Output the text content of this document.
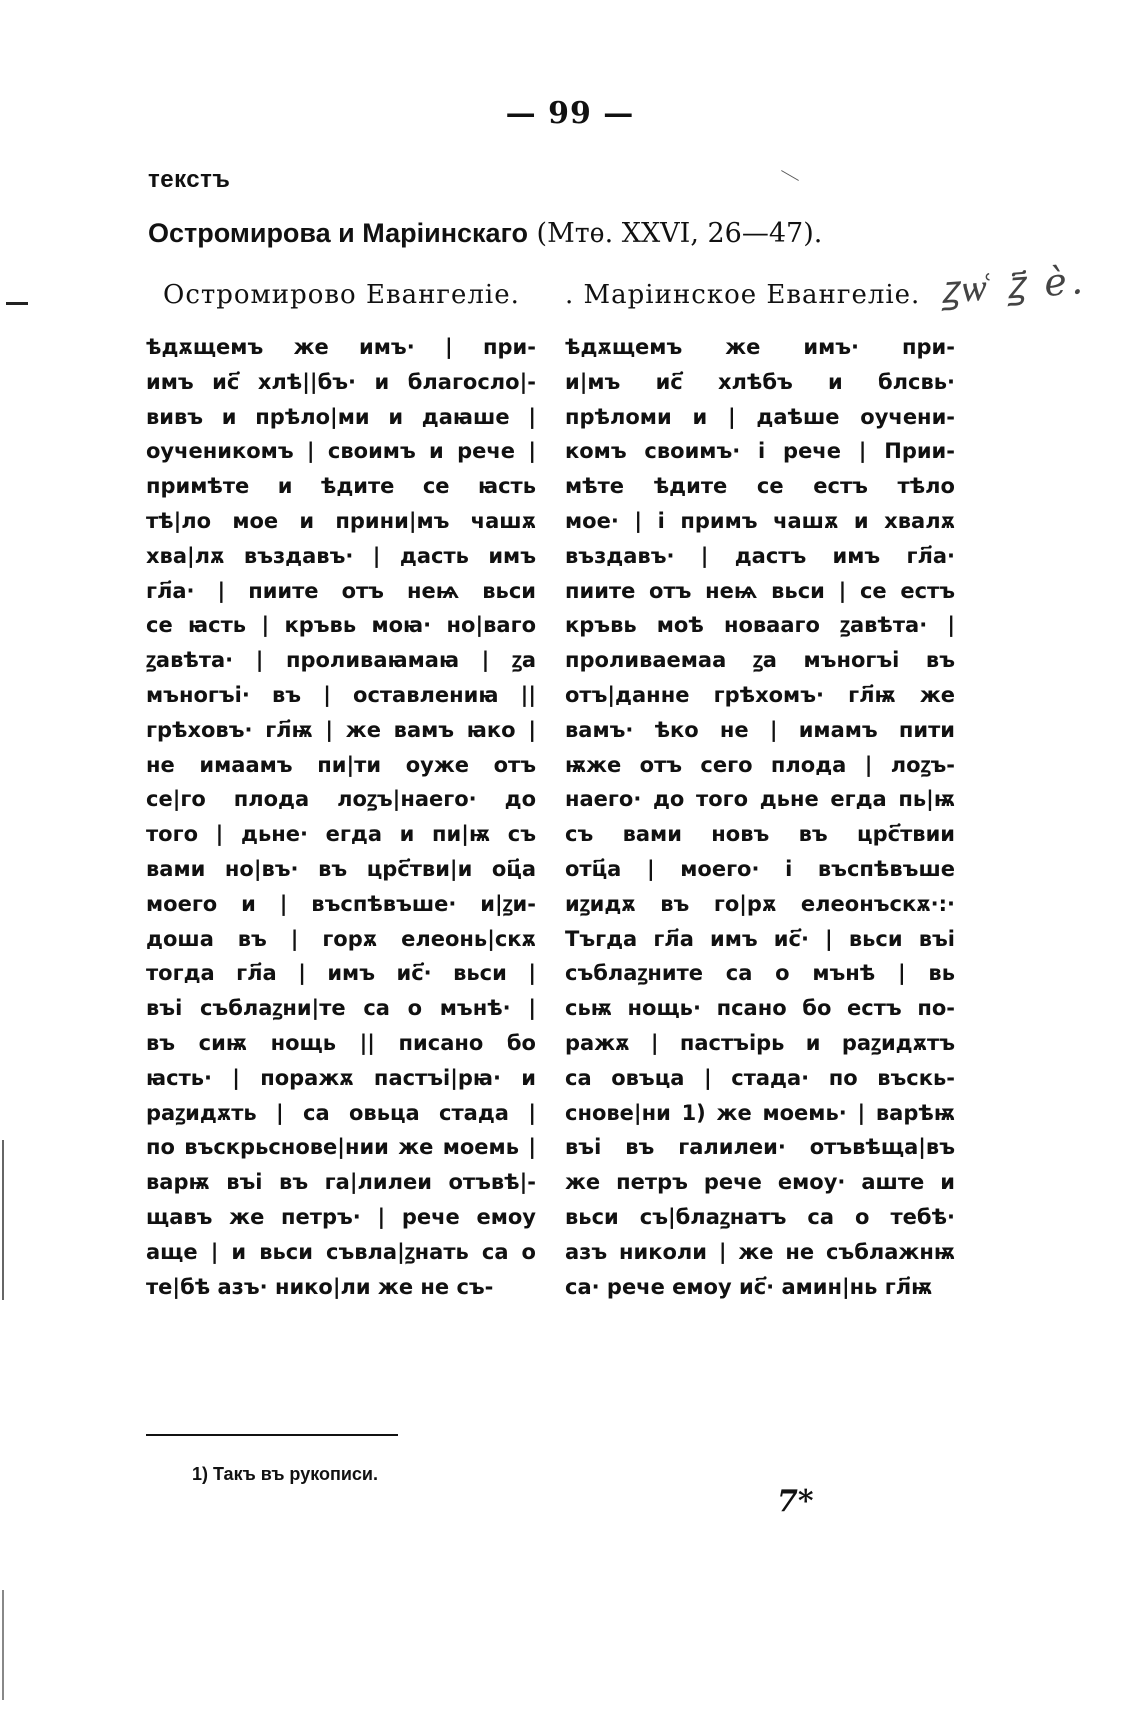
— 99 —
текстъ
Остромирова и Маріинскаго (Мтѳ. XXVI, 26—47).
Остромирово Евангеліе. . Маріинское Евангеліе. ꙁѡ͑ ꙁ҃ ѐ.
ѣдѫщемъ же имъ· | при-
имъ ис҃ хлѣ||бъ· и благосло|-
вивъ и прѣло|ми и даꙗше |
оученикомъ | своимъ и рече |
примѣте и ѣдите се ꙗсть
тѣ|ло мое и прини|мъ чашѫ
хва|лѫ въздавъ· | дасть имъ
гл҃а· | пиите отъ неѩ вьси
се ꙗсть | кръвь моꙗ· но|ваго
ꙁавѣта· | проливаꙗмаꙗ | ꙁа
мъногъі· въ | оставлениꙗ ||
грѣховъ· гл҃ѭ | же вамъ ꙗко |
не имаамъ пи|ти оуже отъ
се|го плода лоꙁъ|наего· до
того | дьне· егда и пи|ѭ съ
вами но|въ· въ црс҃тви|и оц҃а
моего и | въспѣвъше· и|ꙁи-
доша въ | горѫ елеонь|скѫ
тогда гл҃а | имъ ис҃· вьси |
въі съблаꙁни|те са о мънѣ· |
въ сиѭ нощь || писано бо
ꙗсть· | поражѫ пастъі|рꙗ· и
раꙁидѫть | са овьца стада |
по въскрьснове|нии же моемь |
варѭ въі въ га|лилеи отъвѣ|-
щавъ же петръ· | рече емоу
аще | и вьси съвла|ꙁнать са о
те|бѣ азъ· нико|ли же не съ-
ѣдѫщемъ же имъ· при-
и|мъ ис҃ хлѣбъ и блсвь·
прѣломи и | даѣше оучени-
комъ своимъ· і рече | Прии-
мѣте ѣдите се естъ тѣло
мое· | і примъ чашѫ и хвалѫ
въздавъ· | дастъ имъ гл҃а·
пиите отъ неѩ вьси | се естъ
кръвь моѣ новааго ꙁавѣта· |
проливаемаа ꙁа мъногъі въ
отъ|данне грѣхомъ· гл҃ѭ же
вамъ· ѣко не | имамъ пити
ѭже отъ сего плода | лоꙁъ-
наего· до того дьне егда пь|ѭ
съ вами новъ въ црс҃твии
отц҃а | моего· і въспѣвъше
иꙁидѫ въ го|рѫ елеонъскѫ·:·
Тъгда гл҃а имъ ис҃· | вьси въі
съблаꙁните са о мънѣ | вь
сьѭ нощь· псано бо естъ по-
ражѫ | пастъірь и раꙁидѫтъ
са овъца | стада· по въскь-
снове|ни 1) же моемь· | варѣѭ
въі въ галилеи· отъвѣща|въ
же петръ рече емоу· аште и
вьси съ|блаꙁнатъ са о тебѣ·
азъ николи | же не съблажнѭ
са· рече емоу ис҃· амин|нь гл҃ѭ
1) Такъ въ рукописи.
7*
